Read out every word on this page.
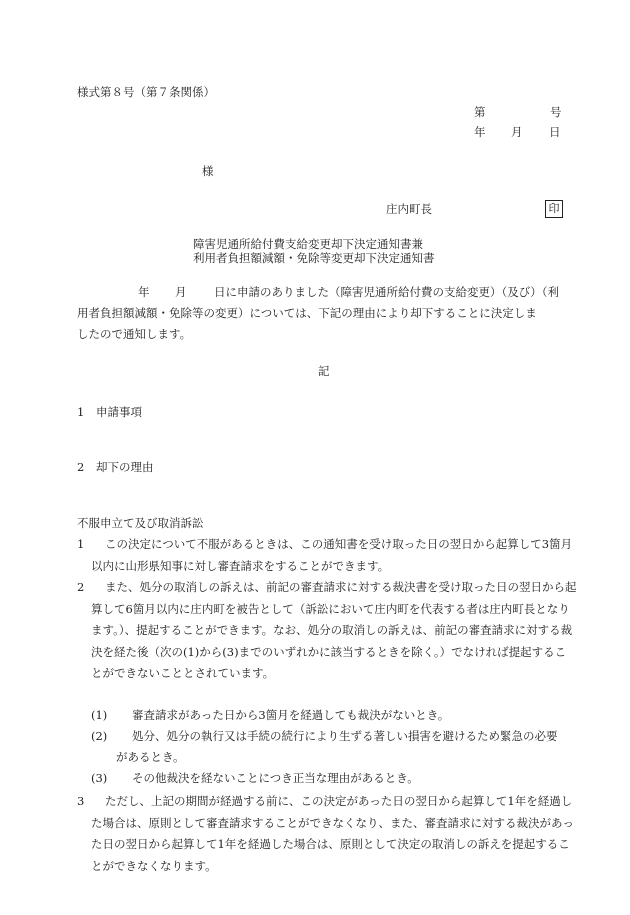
様式第８号（第７条関係）
第	号
年 月 日
様
庄内町長	印
障害児通所給付費支給変更却下決定通知書兼
利用者負担額減額・免除等変更却下決定通知書
年 月 日に申請のありました（障害児通所給付費の支給変更）（及び）（利
用者負担額減額・免除等の変更）については、下記の理由により却下することに決定しま
したので通知します。
記
1 申請事項
2 却下の理由
不服申立て及び取消訴訟
1	この決定について不服があるときは、この通知書を受け取った日の翌日から起算して3箇月以内に山形県知事に対し審査請求をすることができます。
2	また、処分の取消しの訴えは、前記の審査請求に対する裁決書を受け取った日の翌日から起算して6箇月以内に庄内町を被告として（訴訟において庄内町を代表する者は庄内町長となります。）、提起することができます。なお、処分の取消しの訴えは、前記の審査請求に対する裁決を経た後（次の(1)から(3)までのいずれかに該当するときを除く。）でなければ提起することができないこととされています。
(1) 審査請求があった日から3箇月を経過しても裁決がないとき。
(2) 処分、処分の執行又は手続の続行により生ずる著しい損害を避けるため緊急の必要
があるとき。
(3) その他裁決を経ないことにつき正当な理由があるとき。
3	ただし、上記の期間が経過する前に、この決定があった日の翌日から起算して1年を経過した場合は、原則として審査請求することができなくなり、また、審査請求に対する裁決があった日の翌日から起算して1年を経過した場合は、原則として決定の取消しの訴えを提起することができなくなります。
